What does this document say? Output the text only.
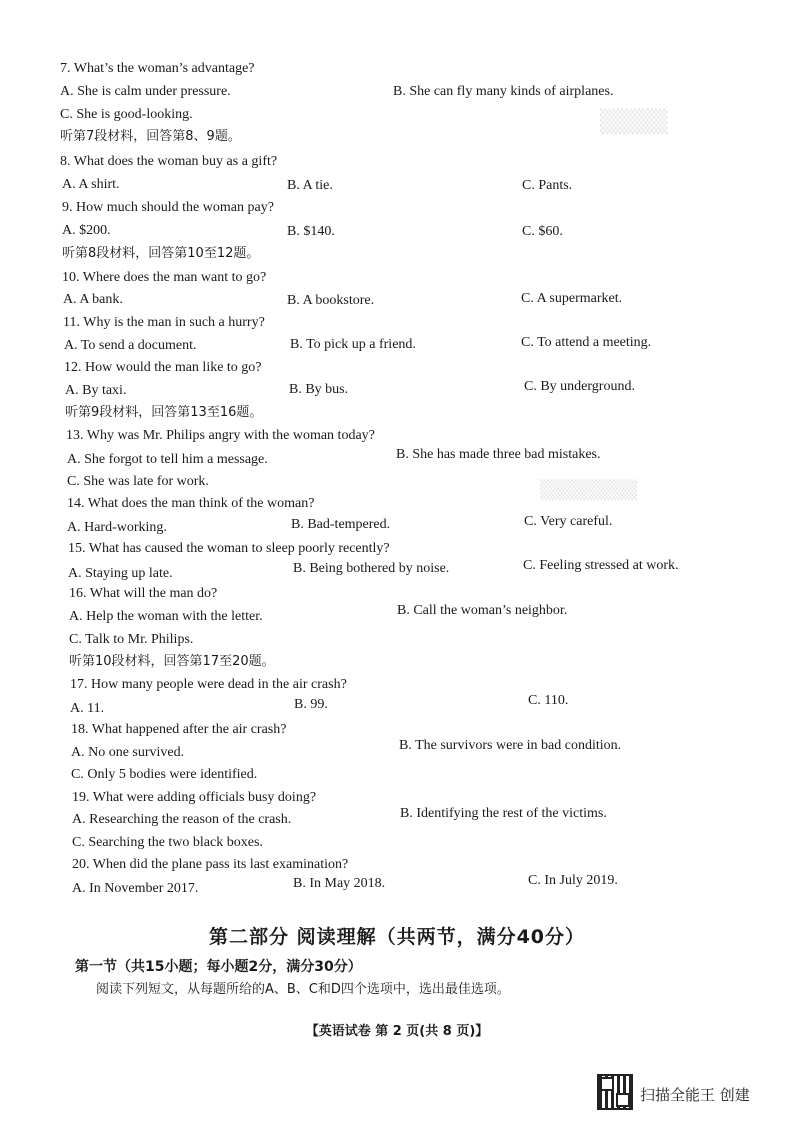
▒▒▒▒
▒▒▒▒▒▒▒
7. What’s the woman’s advantage?
A. She is calm under pressure.	B. She can fly many kinds of airplanes.
C. She is good-looking.
听第7段材料，回答第8、9题。
8. What does the woman buy as a gift?
A. A shirt.	B. A tie.	C. Pants.
9. How much should the woman pay?
A. $200.	B. $140.	C. $60.
听第8段材料，回答第10至12题。
10. Where does the man want to go?
A. A bank.	B. A bookstore.	C. A supermarket.
11. Why is the man in such a hurry?
A. To send a document.	B. To pick up a friend.	C. To attend a meeting.
12. How would the man like to go?
A. By taxi.	B. By bus.	C. By underground.
听第9段材料，回答第13至16题。
13. Why was Mr. Philips angry with the woman today?
A. She forgot to tell him a message.	B. She has made three bad mistakes.
C. She was late for work.
14. What does the man think of the woman?
A. Hard-working.	B. Bad-tempered.	C. Very careful.
15. What has caused the woman to sleep poorly recently?
A. Staying up late.	B. Being bothered by noise.	C. Feeling stressed at work.
16. What will the man do?
A. Help the woman with the letter.	B. Call the woman’s neighbor.
C. Talk to Mr. Philips.
听第10段材料，回答第17至20题。
17. How many people were dead in the air crash?
A. 11.	B. 99.	C. 110.
18. What happened after the air crash?
A. No one survived.	B. The survivors were in bad condition.
C. Only 5 bodies were identified.
19. What were adding officials busy doing?
A. Researching the reason of the crash.	B. Identifying the rest of the victims.
C. Searching the two black boxes.
20. When did the plane pass its last examination?
A. In November 2017.	B. In May 2018.	C. In July 2019.
第二部分 阅读理解（共两节，满分40分）
第一节（共15小题；每小题2分，满分30分）
阅读下列短文，从每题所给的A、B、C和D四个选项中，选出最佳选项。
【英语试卷 第 2 页(共 8 页)】
扫描全能王 创建
